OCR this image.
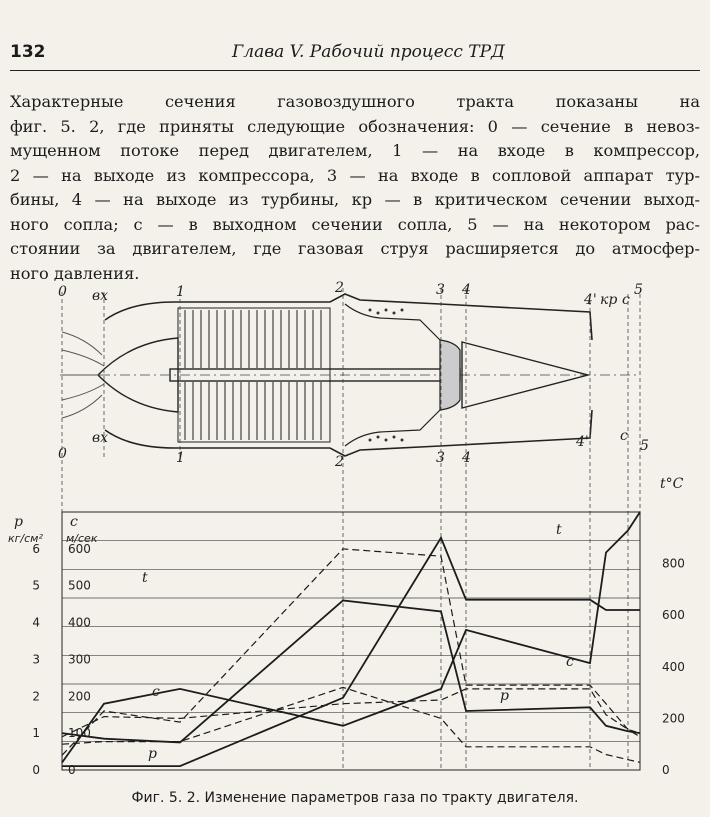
132	Глава V. Рабочий процесс ТРД
Характерные сечения газовоздушного тракта показаны на
фиг. 5. 2, где приняты следующие обозначения: 0 — сечение в невоз-
мущенном потоке перед двигателем, 1 — на входе в компрессор,
2 — на выходе из компрессора, 3 — на входе в сопловой аппарат тур-
бины, 4 — на выходе из турбины, кр — в критическом сечении выход-
ного сопла; с — в выходном сечении сопла, 5 — на некотором рас-
стоянии за двигателем, где газовая струя расширяется до атмосфер-
ного давления.
0 вх	1	2	3 4
4' кр с
5
0
вх
1	2	3 4
4' с
5
p
кг/см²
c
м/сек
t°C
0
1
2
3
4
5
6
0
100
200
300
400
500
600
0
200
400
600
800
t
c
p
t
c
p
Фиг. 5. 2. Изменение параметров газа по тракту двигателя.
